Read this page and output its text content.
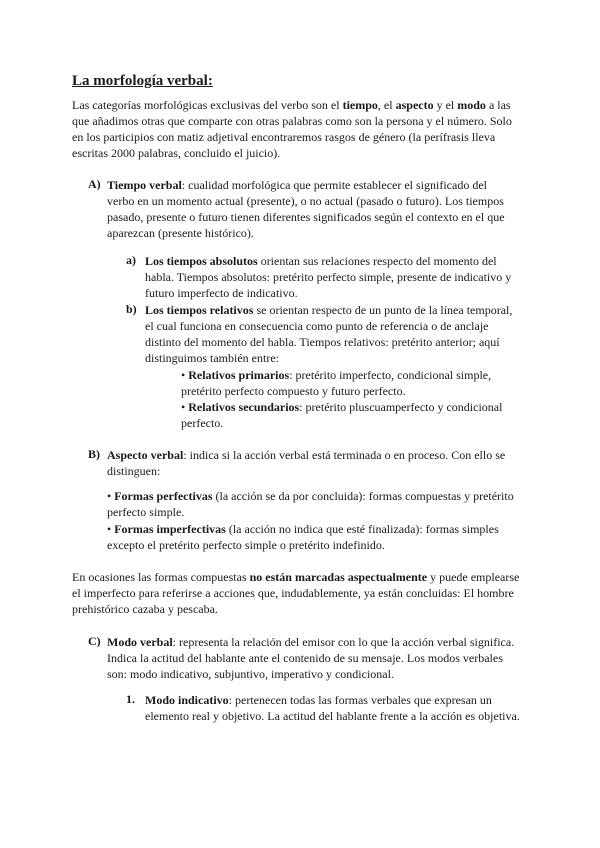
La morfología verbal:
Las categorías morfológicas exclusivas del verbo son el tiempo, el aspecto y el modo a las
que añadimos otras que comparte con otras palabras como son la persona y el número. Solo
en los participios con matiz adjetival encontraremos rasgos de género (la perífrasis lleva
escritas 2000 palabras, concluido el juicio).
A) Tiempo verbal: cualidad morfológica que permite establecer el significado del
verbo en un momento actual (presente), o no actual (pasado o futuro). Los tiempos
pasado, presente o futuro tienen diferentes significados según el contexto en el que
aparezcan (presente histórico).
a) Los tiempos absolutos orientan sus relaciones respecto del momento del
habla. Tiempos absolutos: pretérito perfecto simple, presente de indicativo y
futuro imperfecto de indicativo.
b) Los tiempos relativos se orientan respecto de un punto de la línea temporal,
el cual funciona en consecuencia como punto de referencia o de anclaje
distinto del momento del habla. Tiempos relativos: pretérito anterior; aquí
distinguimos también entre:
• Relativos primarios: pretérito imperfecto, condicional simple,
pretérito perfecto compuesto y futuro perfecto.
• Relativos secundarios: pretérito pluscuamperfecto y condicional
perfecto.
B) Aspecto verbal: indica si la acción verbal está terminada o en proceso. Con ello se
distinguen:
• Formas perfectivas (la acción se da por concluida): formas compuestas y pretérito
perfecto simple.
• Formas imperfectivas (la acción no indica que esté finalizada): formas simples
excepto el pretérito perfecto simple o pretérito indefinido.
En ocasiones las formas compuestas no están marcadas aspectualmente y puede emplearse
el imperfecto para referirse a acciones que, indudablemente, ya están concluidas: El hombre
prehistórico cazaba y pescaba.
C) Modo verbal: representa la relación del emisor con lo que la acción verbal significa.
Indica la actitud del hablante ante el contenido de su mensaje. Los modos verbales
son: modo indicativo, subjuntivo, imperativo y condicional.
1. Modo indicativo: pertenecen todas las formas verbales que expresan un
elemento real y objetivo. La actitud del hablante frente a la acción es objetiva.
